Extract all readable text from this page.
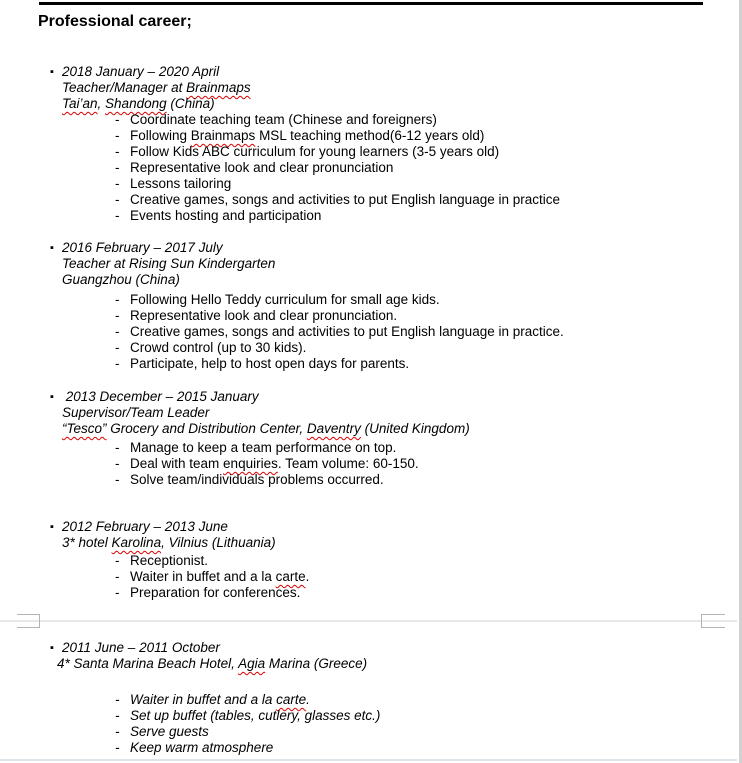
Professional career;
▪ 2018 January – 2020 April
Teacher/Manager at Brainmaps
Tai’an, Shandong (China)
- Coordinate teaching team (Chinese and foreigners)
- Following Brainmaps MSL teaching method(6-12 years old)
- Follow Kids ABC curriculum for young learners (3-5 years old)
- Representative look and clear pronunciation
- Lessons tailoring
- Creative games, songs and activities to put English language in practice
- Events hosting and participation
▪ 2016 February – 2017 July
Teacher at Rising Sun Kindergarten
Guangzhou (China)
- Following Hello Teddy curriculum for small age kids.
- Representative look and clear pronunciation.
- Creative games, songs and activities to put English language in practice.
- Crowd control (up to 30 kids).
- Participate, help to host open days for parents.
▪ 2013 December – 2015 January
Supervisor/Team Leader
“Tesco” Grocery and Distribution Center, Daventry (United Kingdom)
- Manage to keep a team performance on top.
- Deal with team enquiries. Team volume: 60-150.
- Solve team/individuals problems occurred.
▪ 2012 February – 2013 June
3* hotel Karolina, Vilnius (Lithuania)
- Receptionist.
- Waiter in buffet and a la carte.
- Preparation for conferences.
▪ 2011 June – 2011 October
4* Santa Marina Beach Hotel, Agia Marina (Greece)
- Waiter in buffet and a la carte.
- Set up buffet (tables, cutlery, glasses etc.)
- Serve guests
- Keep warm atmosphere
